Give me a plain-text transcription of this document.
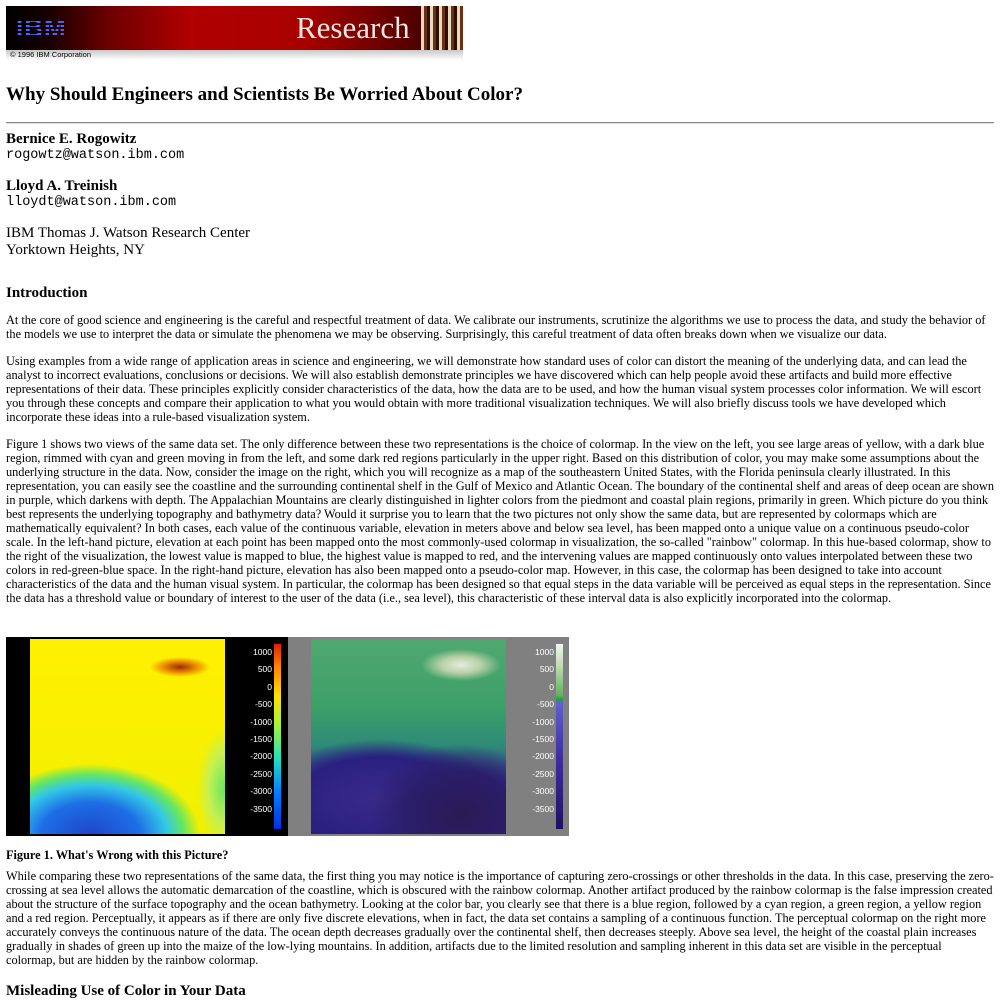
IBM	Research
© 1996 IBM Corporation
Why Should Engineers and Scientists Be Worried About Color?

Bernice E. Rogowitz

rogowtz@watson.ibm.com

Lloyd A. Treinish

lloydt@watson.ibm.com

IBM Thomas J. Watson Research Center

Yorktown Heights, NY

Introduction

At the core of good science and engineering is the careful and respectful treatment of data. We calibrate our instruments, scrutinize the algorithms we use to process the data, and study the behavior of the models we use to interpret the data or simulate the phenomena we may be observing. Surprisingly, this careful treatment of data often breaks down when we visualize our data.

Using examples from a wide range of application areas in science and engineering, we will demonstrate how standard uses of color can distort the meaning of the underlying data, and can lead the analyst to incorrect evaluations, conclusions or decisions. We will also establish demonstrate principles we have discovered which can help people avoid these artifacts and build more effective representations of their data. These principles explicitly consider characteristics of the data, how the data are to be used, and how the human visual system processes color information. We will escort you through these concepts and compare their application to what you would obtain with more traditional visualization techniques. We will also briefly discuss tools we have developed which incorporate these ideas into a rule-based visualization system.

Figure 1 shows two views of the same data set. The only difference between these two representations is the choice of colormap. In the view on the left, you see large areas of yellow, with a dark blue region, rimmed with cyan and green moving in from the left, and some dark red regions particularly in the upper right. Based on this distribution of color, you may make some assumptions about the underlying structure in the data. Now, consider the image on the right, which you will recognize as a map of the southeastern United States, with the Florida peninsula clearly illustrated. In this representation, you can easily see the coastline and the surrounding continental shelf in the Gulf of Mexico and Atlantic Ocean. The boundary of the continental shelf and areas of deep ocean are shown in purple, which darkens with depth. The Appalachian Mountains are clearly distinguished in lighter colors from the piedmont and coastal plain regions, primarily in green. Which picture do you think best represents the underlying topography and bathymetry data? Would it surprise you to learn that the two pictures not only show the same data, but are represented by colormaps which are mathematically equivalent? In both cases, each value of the continuous variable, elevation in meters above and below sea level, has been mapped onto a unique value on a continuous pseudo-color scale. In the left-hand picture, elevation at each point has been mapped onto the most commonly-used colormap in visualization, the so-called "rainbow" colormap. In this hue-based colormap, show to the right of the visualization, the lowest value is mapped to blue, the highest value is mapped to red, and the intervening values are mapped continuously onto values interpolated between these two colors in red-green-blue space. In the right-hand picture, elevation has also been mapped onto a pseudo-color map. However, in this case, the colormap has been designed to take into account characteristics of the data and the human visual system. In particular, the colormap has been designed so that equal steps in the data variable will be perceived as equal steps in the representation. Since the data has a threshold value or boundary of interest to the user of the data (i.e., sea level), this characteristic of these interval data is also explicitly incorporated into the colormap.

1000
500
0
-500
-1000
-1500
-2000
-2500
-3000
-3500
1000
500
0
-500
-1000
-1500
-2000
-2500
-3000
-3500

Figure 1. What's Wrong with this Picture?

While comparing these two representations of the same data, the first thing you may notice is the importance of capturing zero-crossings or other thresholds in the data. In this case, preserving the zero-crossing at sea level allows the automatic demarcation of the coastline, which is obscured with the rainbow colormap. Another artifact produced by the rainbow colormap is the false impression created about the structure of the surface topography and the ocean bathymetry. Looking at the color bar, you clearly see that there is a blue region, followed by a cyan region, a green region, a yellow region and a red region. Perceptually, it appears as if there are only five discrete elevations, when in fact, the data set contains a sampling of a continuous function. The perceptual colormap on the right more accurately conveys the continuous nature of the data. The ocean depth decreases gradually over the continental shelf, then decreases steeply. Above sea level, the height of the coastal plain increases gradually in shades of green up into the maize of the low-lying mountains. In addition, artifacts due to the limited resolution and sampling inherent in this data set are visible in the perceptual colormap, but are hidden by the rainbow colormap.

Misleading Use of Color in Your Data
